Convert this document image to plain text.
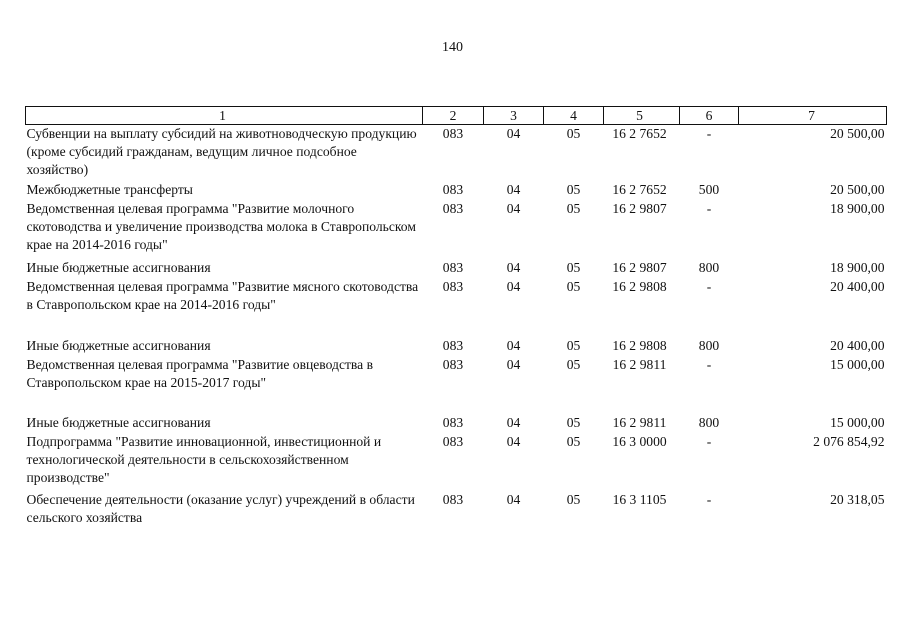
140
1	2	3	4	5	6	7
Субвенции на выплату субсидий на животноводческую продукцию (кроме субсидий гражданам, ведущим личное подсобное хозяйство)	083	04	05	16 2 7652	-	20 500,00
Межбюджетные трансферты	083	04	05	16 2 7652	500	20 500,00
Ведомственная целевая программа "Развитие молочного скотоводства и увеличение производства молока в Ставропольском крае на 2014-2016 годы"	083	04	05	16 2 9807	-	18 900,00
Иные бюджетные ассигнования	083	04	05	16 2 9807	800	18 900,00
Ведомственная целевая программа "Развитие мясного скотоводства в Ставропольском крае на 2014-2016 годы"	083	04	05	16 2 9808	-	20 400,00
Иные бюджетные ассигнования	083	04	05	16 2 9808	800	20 400,00
Ведомственная целевая программа "Развитие овцеводства в Ставропольском крае на 2015-2017 годы"	083	04	05	16 2 9811	-	15 000,00
Иные бюджетные ассигнования	083	04	05	16 2 9811	800	15 000,00
Подпрограмма "Развитие инновационной, инвестиционной и технологической деятельности в сельскохозяйственном производстве"	083	04	05	16 3 0000	-	2 076 854,92
Обеспечение деятельности (оказание услуг) учреждений в области сельского хозяйства	083	04	05	16 3 1105	-	20 318,05
